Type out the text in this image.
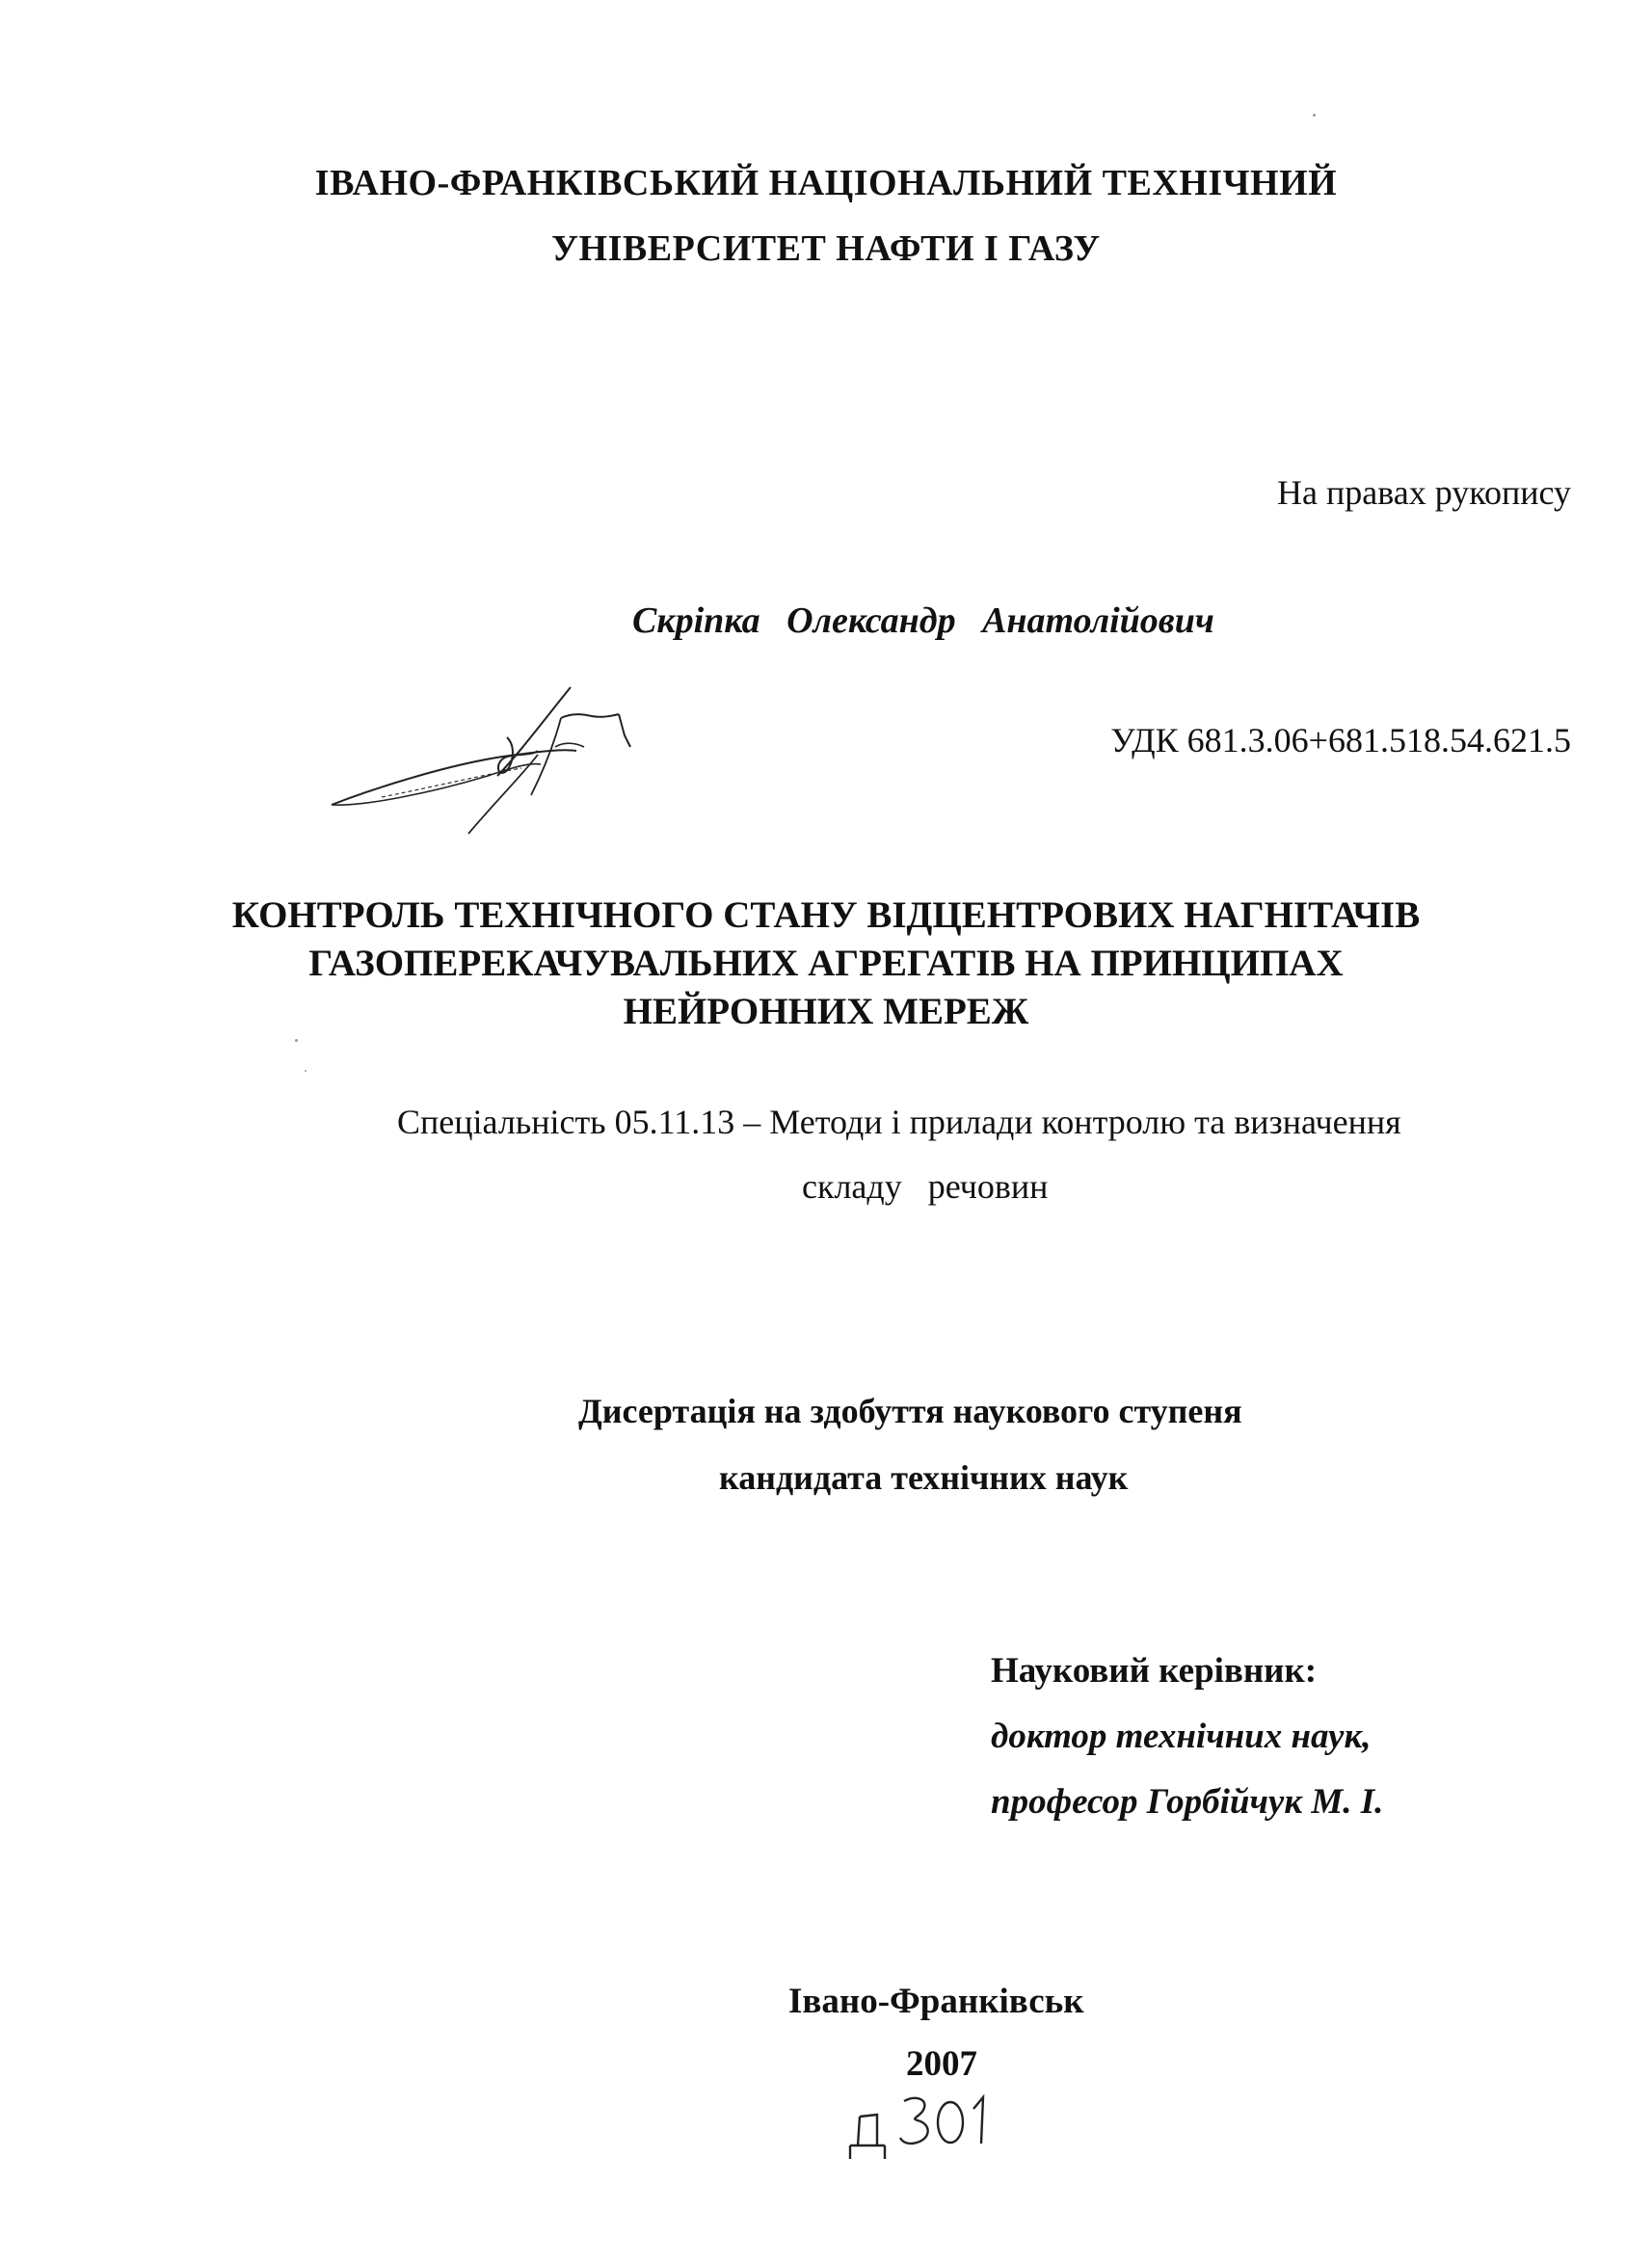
ІВАНО-ФРАНКІВСЬКИЙ НАЦІОНАЛЬНИЙ ТЕХНІЧНИЙ

УНІВЕРСИТЕТ НАФТИ І ГАЗУ

На правах рукопису

Скріпка Олександр Анатолійович

УДК 681.3.06+681.518.54.621.5

КОНТРОЛЬ ТЕХНІЧНОГО СТАНУ ВІДЦЕНТРОВИХ НАГНІТАЧІВ

ГАЗОПЕРЕКАЧУВАЛЬНИХ АГРЕГАТІВ НА ПРИНЦИПАХ

НЕЙРОННИХ МЕРЕЖ

Спеціальність 05.11.13 – Методи і прилади контролю та визначення

складу речовин

Дисертація на здобуття наукового ступеня

кандидата технічних наук

Науковий керівник:

доктор технічних наук,

професор Горбійчук М. І.

Івано-Франківськ

2007
